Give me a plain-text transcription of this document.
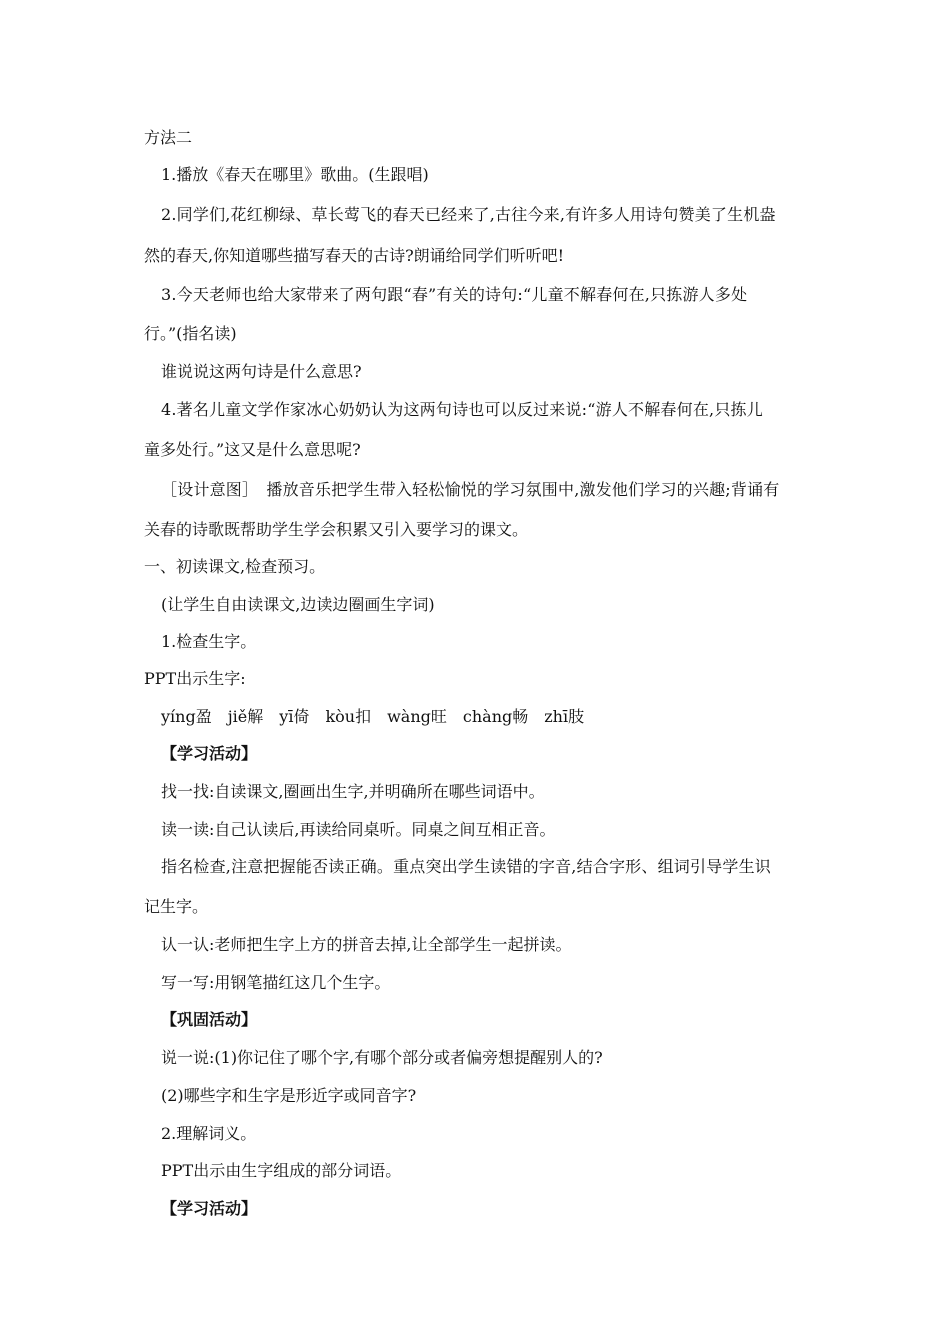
方法二
1.播放《春天在哪里》歌曲。(生跟唱)
2.同学们,花红柳绿、草长莺飞的春天已经来了,古往今来,有许多人用诗句赞美了生机盎
然的春天,你知道哪些描写春天的古诗?朗诵给同学们听听吧!
3.今天老师也给大家带来了两句跟“春”有关的诗句:“儿童不解春何在,只拣游人多处
行。”(指名读)
谁说说这两句诗是什么意思?
4.著名儿童文学作家冰心奶奶认为这两句诗也可以反过来说:“游人不解春何在,只拣儿
童多处行。”这又是什么意思呢?
［设计意图］　播放音乐把学生带入轻松愉悦的学习氛围中,激发他们学习的兴趣;背诵有
关春的诗歌既帮助学生学会积累又引入要学习的课文。
一、初读课文,检查预习。
(让学生自由读课文,边读边圈画生字词)
1.检查生字。
PPT出示生字:
yíng盈 jiě解 yī倚 kòu扣 wàng旺 chàng畅 zhī肢
【学习活动】
找一找:自读课文,圈画出生字,并明确所在哪些词语中。
读一读:自己认读后,再读给同桌听。同桌之间互相正音。
指名检查,注意把握能否读正确。重点突出学生读错的字音,结合字形、组词引导学生识
记生字。
认一认:老师把生字上方的拼音去掉,让全部学生一起拼读。
写一写:用钢笔描红这几个生字。
【巩固活动】
说一说:(1)你记住了哪个字,有哪个部分或者偏旁想提醒别人的?
(2)哪些字和生字是形近字或同音字?
2.理解词义。
PPT出示由生字组成的部分词语。
【学习活动】
